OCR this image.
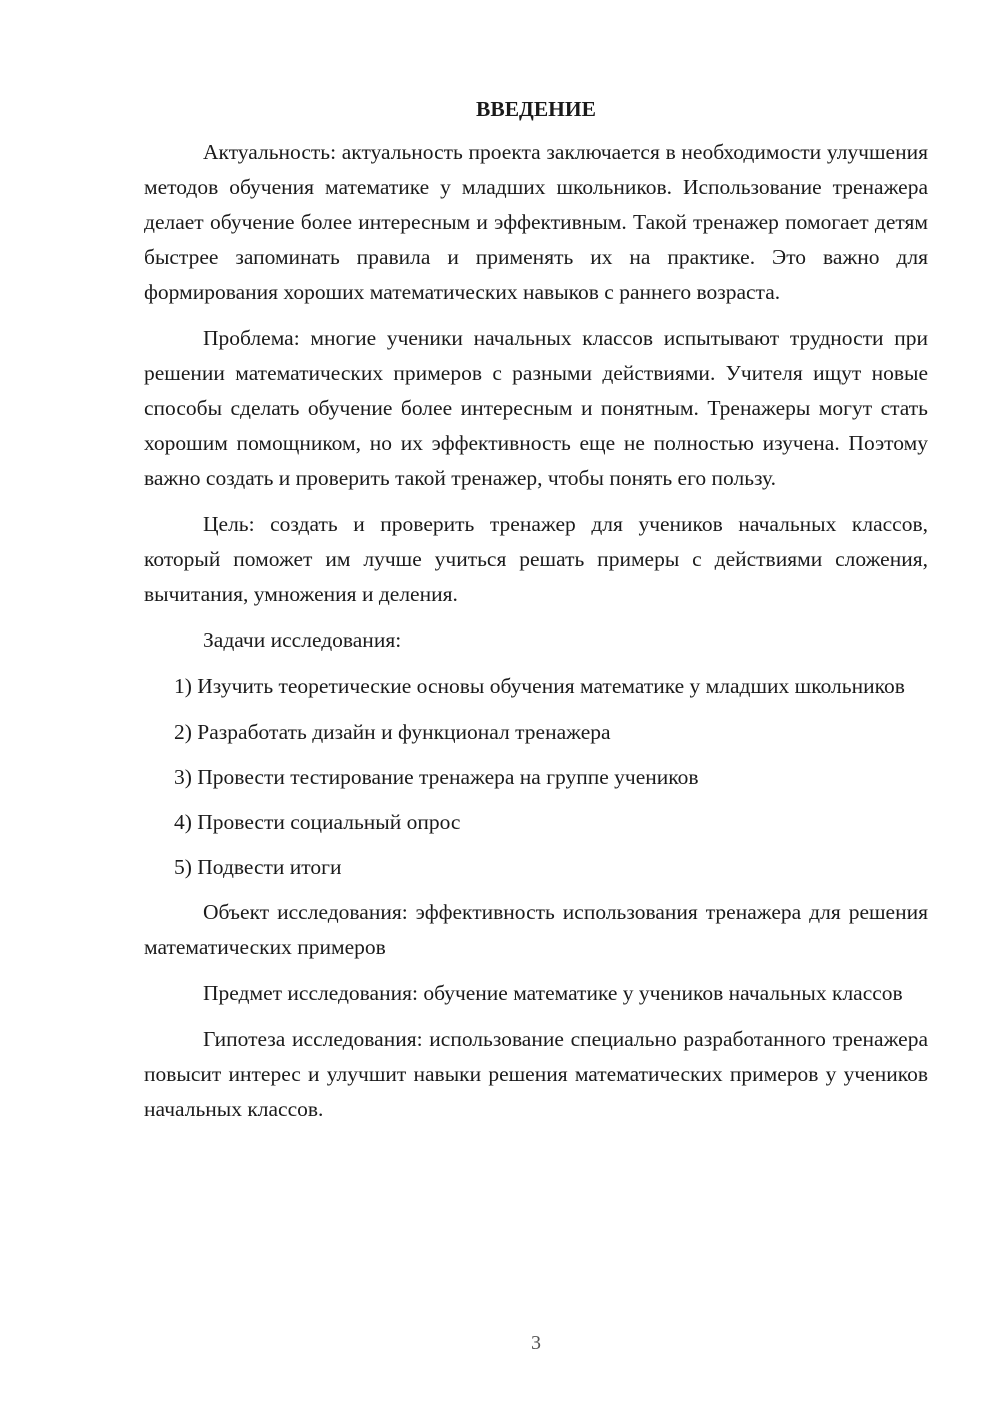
ВВЕДЕНИЕ

Актуальность: актуальность проекта заключается в необходимости улучшения методов обучения математике у младших школьников. Использование тренажера делает обучение более интересным и эффективным. Такой тренажер помогает детям быстрее запоминать правила и применять их на практике. Это важно для формирования хороших математических навыков с раннего возраста.

Проблема: многие ученики начальных классов испытывают трудности при решении математических примеров с разными действиями. Учителя ищут новые способы сделать обучение более интересным и понятным. Тренажеры могут стать хорошим помощником, но их эффективность еще не полностью изучена. Поэтому важно создать и проверить такой тренажер, чтобы понять его пользу.

Цель: создать и проверить тренажер для учеников начальных классов, который поможет им лучше учиться решать примеры с действиями сложения, вычитания, умножения и деления.

Задачи исследования:

1) Изучить теоретические основы обучения математике у младших школьников

2) Разработать дизайн и функционал тренажера

3) Провести тестирование тренажера на группе учеников

4) Провести социальный опрос

5) Подвести итоги

Объект исследования: эффективность использования тренажера для решения математических примеров

Предмет исследования: обучение математике у учеников начальных классов

Гипотеза исследования: использование специально разработанного тренажера повысит интерес и улучшит навыки решения математических примеров у учеников начальных классов.

3
